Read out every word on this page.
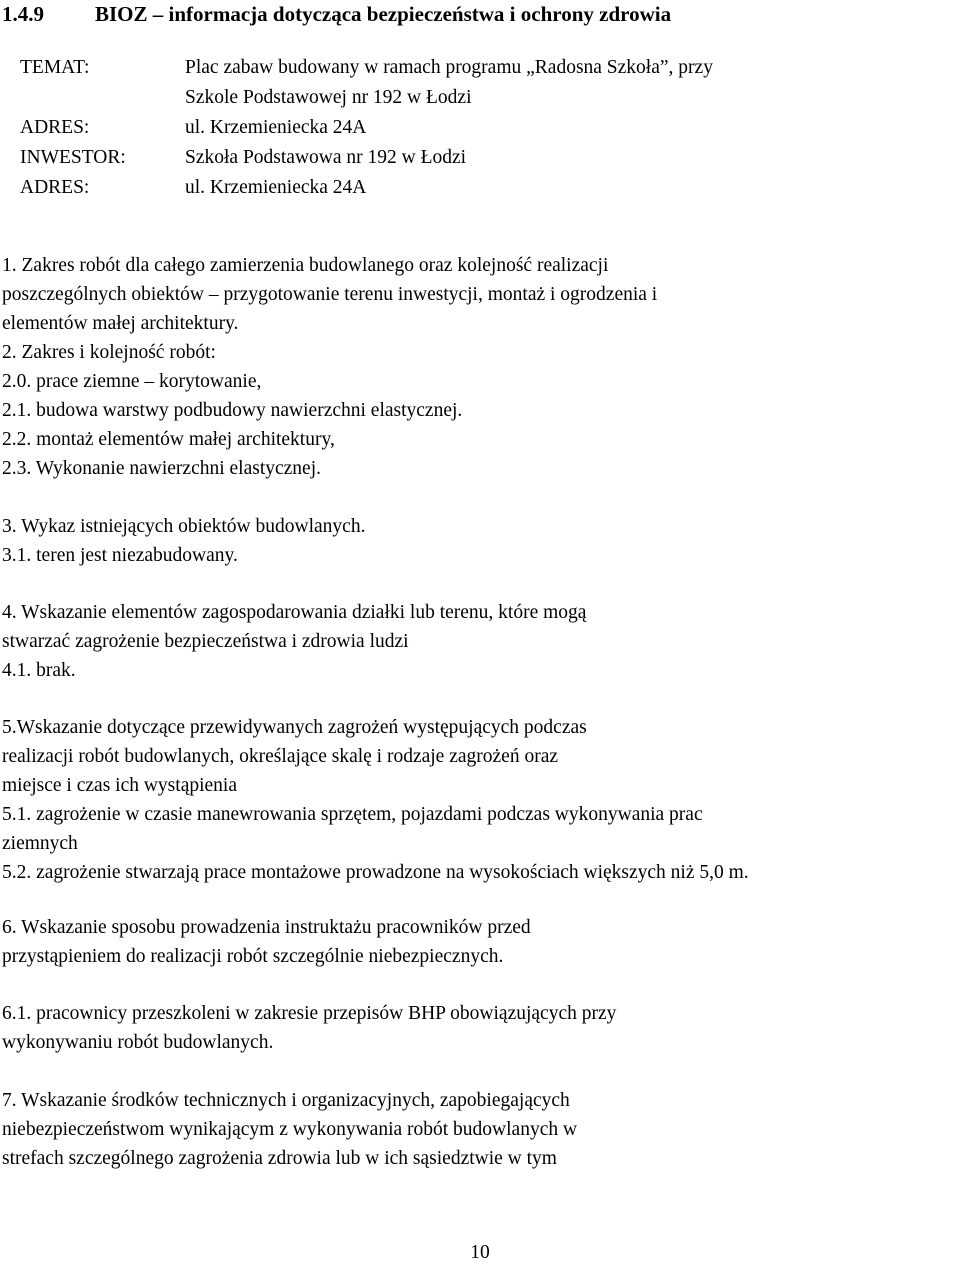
1.4.9 BIOZ – informacja dotycząca bezpieczeństwa i ochrony zdrowia
TEMAT:	Plac zabaw budowany w ramach programu „Radosna Szkoła”, przy
Szkole Podstawowej nr 192 w Łodzi
ADRES:	ul. Krzemieniecka 24A
INWESTOR:	Szkoła Podstawowa nr 192 w Łodzi
ADRES:	ul. Krzemieniecka 24A
1. Zakres robót dla całego zamierzenia budowlanego oraz kolejność realizacji
poszczególnych obiektów – przygotowanie terenu inwestycji, montaż i ogrodzenia i
elementów małej architektury.
2. Zakres i kolejność robót:
2.0. prace ziemne – korytowanie,
2.1. budowa warstwy podbudowy nawierzchni elastycznej.
2.2. montaż elementów małej architektury,
2.3. Wykonanie nawierzchni elastycznej.
3. Wykaz istniejących obiektów budowlanych.
3.1. teren jest niezabudowany.
4. Wskazanie elementów zagospodarowania działki lub terenu, które mogą
stwarzać zagrożenie bezpieczeństwa i zdrowia ludzi
4.1. brak.
5.Wskazanie dotyczące przewidywanych zagrożeń występujących podczas
realizacji robót budowlanych, określające skalę i rodzaje zagrożeń oraz
miejsce i czas ich wystąpienia
5.1. zagrożenie w czasie manewrowania sprzętem, pojazdami podczas wykonywania prac
ziemnych
5.2. zagrożenie stwarzają prace montażowe prowadzone na wysokościach większych niż 5,0 m.
6. Wskazanie sposobu prowadzenia instruktażu pracowników przed
przystąpieniem do realizacji robót szczególnie niebezpiecznych.
6.1. pracownicy przeszkoleni w zakresie przepisów BHP obowiązujących przy
wykonywaniu robót budowlanych.
7. Wskazanie środków technicznych i organizacyjnych, zapobiegających
niebezpieczeństwom wynikającym z wykonywania robót budowlanych w
strefach szczególnego zagrożenia zdrowia lub w ich sąsiedztwie w tym
10
